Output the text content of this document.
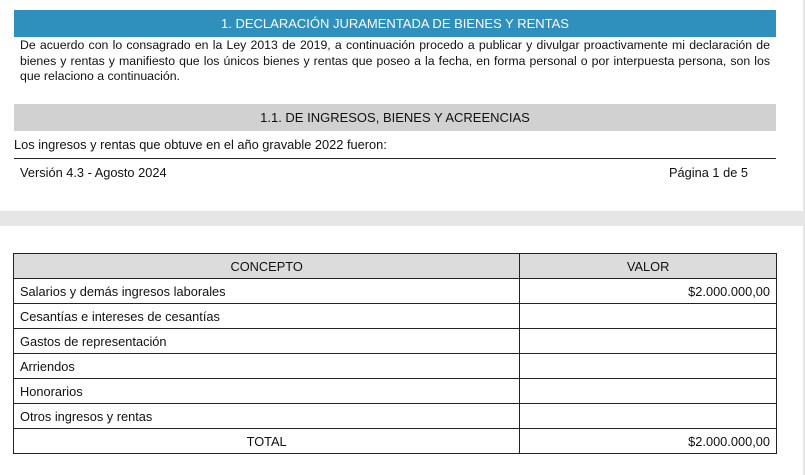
1. DECLARACIÓN JURAMENTADA DE BIENES Y RENTAS
De acuerdo con lo consagrado en la Ley 2013 de 2019, a continuación procedo a publicar y divulgar proactivamente mi declaración de bienes y rentas y manifiesto que los únicos bienes y rentas que poseo a la fecha, en forma personal o por interpuesta persona, son los que relaciono a continuación.
1.1. DE INGRESOS, BIENES Y ACREENCIAS
Los ingresos y rentas que obtuve en el año gravable 2022 fueron:
Versión 4.3 - Agosto 2024	Página 1 de 5
CONCEPTO	VALOR
Salarios y demás ingresos laborales	$2.000.000,00
Cesantías e intereses de cesantías	
Gastos de representación	
Arriendos	
Honorarios	
Otros ingresos y rentas	
TOTAL	$2.000.000,00
